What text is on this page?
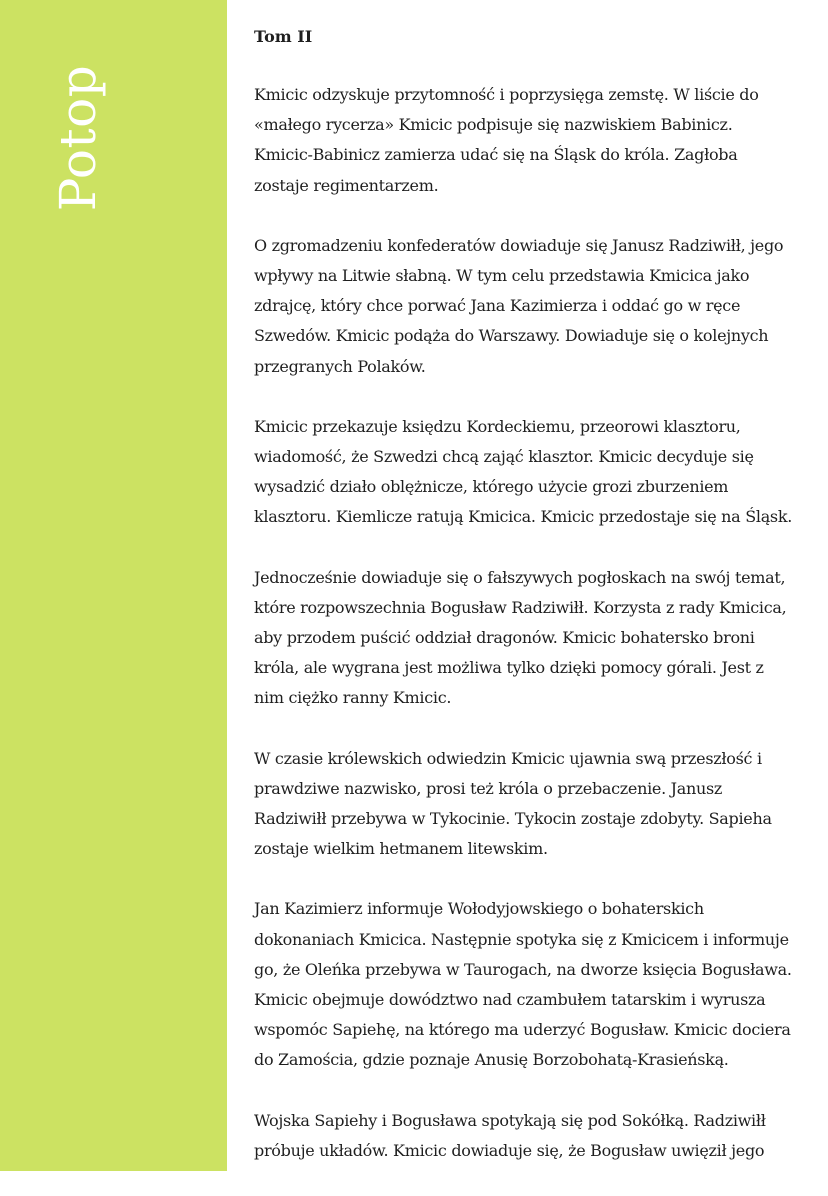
Potop
Tom II

Kmicic odzyskuje przytomność i poprzysięga zemstę. W liście do «małego rycerza» Kmicic podpisuje się nazwiskiem Babinicz. Kmicic-Babinicz zamierza udać się na Śląsk do króla. Zagłoba zostaje regimentarzem.

O zgromadzeniu konfederatów dowiaduje się Janusz Radziwiłł, jego wpływy na Litwie słabną. W tym celu przedstawia Kmicica jako zdrajcę, który chce porwać Jana Kazimierza i oddać go w ręce Szwedów. Kmicic podąża do Warszawy. Dowiaduje się o kolejnych przegranych Polaków.

Kmicic przekazuje księdzu Kordeckiemu, przeorowi klasztoru, wiadomość, że Szwedzi chcą zająć klasztor. Kmicic decyduje się wysadzić działo oblężnicze, którego użycie grozi zburzeniem klasztoru. Kiemlicze ratują Kmicica. Kmicic przedostaje się na Śląsk.

Jednocześnie dowiaduje się o fałszywych pogłoskach na swój temat, które rozpowszechnia Bogusław Radziwiłł. Korzysta z rady Kmicica, aby przodem puścić oddział dragonów. Kmicic bohatersko broni króla, ale wygrana jest możliwa tylko dzięki pomocy górali. Jest z nim ciężko ranny Kmicic.

W czasie królewskich odwiedzin Kmicic ujawnia swą przeszłość i prawdziwe nazwisko, prosi też króla o przebaczenie. Janusz Radziwiłł przebywa w Tykocinie. Tykocin zostaje zdobyty. Sapieha zostaje wielkim hetmanem litewskim.

Jan Kazimierz informuje Wołodyjowskiego o bohaterskich dokonaniach Kmicica. Następnie spotyka się z Kmicicem i informuje go, że Oleńka przebywa w Taurogach, na dworze księcia Bogusława. Kmicic obejmuje dowództwo nad czambułem tatarskim i wyrusza wspomóc Sapiehę, na którego ma uderzyć Bogusław. Kmicic dociera do Zamościa, gdzie poznaje Anusię Borzobohatą-Krasieńską.

Wojska Sapiehy i Bogusława spotykają się pod Sokółką. Radziwiłł próbuje układów. Kmicic dowiaduje się, że Bogusław uwięził jego
